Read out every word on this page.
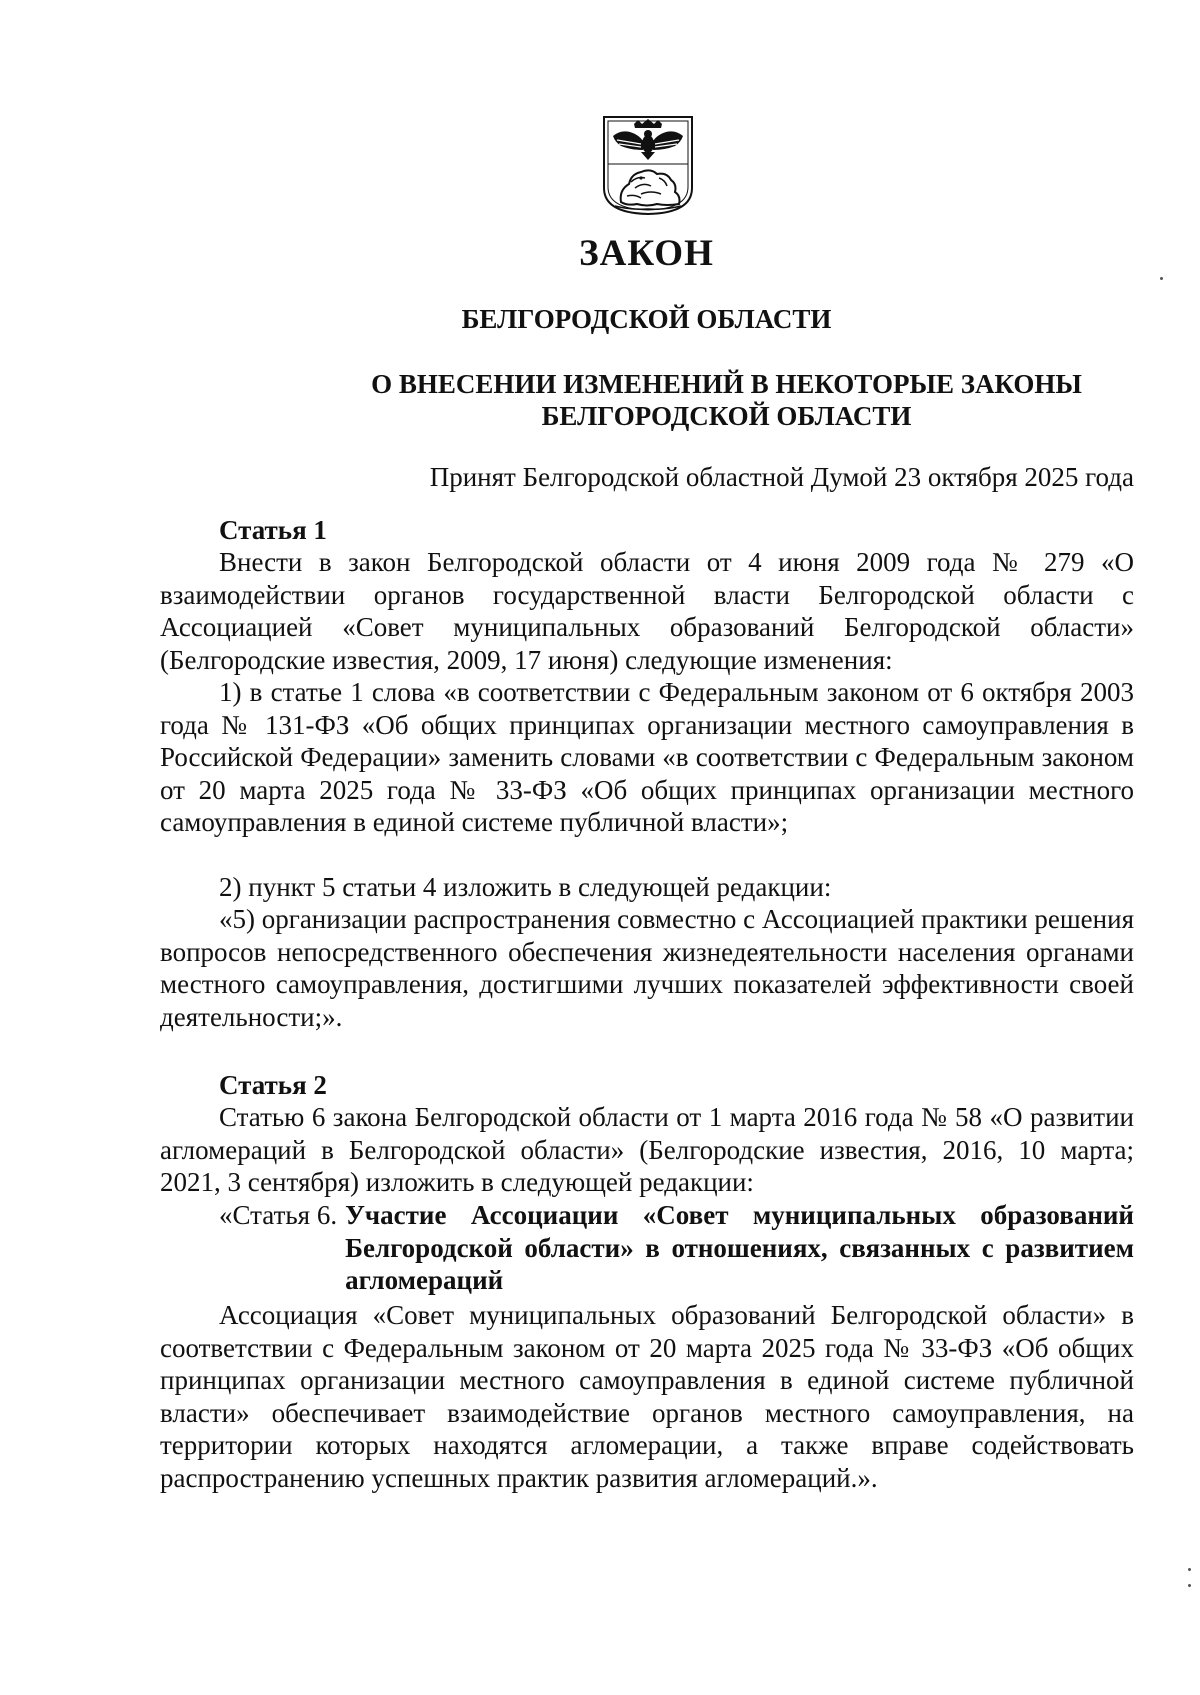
ЗАКОН

БЕЛГОРОДСКОЙ ОБЛАСТИ

О ВНЕСЕНИИ ИЗМЕНЕНИЙ В НЕКОТОРЫЕ ЗАКОНЫ
БЕЛГОРОДСКОЙ ОБЛАСТИ

Принят Белгородской областной Думой 23 октября 2025 года

Статья 1

Внести в закон Белгородской области от 4 июня 2009 года № 279 «О взаимодействии органов государственной власти Белгородской области с Ассоциацией «Совет муниципальных образований Белгородской области» (Белгородские известия, 2009, 17 июня) следующие изменения:

1) в статье 1 слова «в соответствии с Федеральным законом от 6 октября 2003 года № 131-ФЗ «Об общих принципах организации местного самоуправления в Российской Федерации» заменить словами «в соответствии с Федеральным законом от 20 марта 2025 года № 33-ФЗ «Об общих принципах организации местного самоуправления в единой системе публичной власти»;

2) пункт 5 статьи 4 изложить в следующей редакции:

«5) организации распространения совместно с Ассоциацией практики решения вопросов непосредственного обеспечения жизнедеятельности населения органами местного самоуправления, достигшими лучших показателей эффективности своей деятельности;».

Статья 2

Статью 6 закона Белгородской области от 1 марта 2016 года № 58 «О развитии агломераций в Белгородской области» (Белгородские известия, 2016, 10 марта; 2021, 3 сентября) изложить в следующей редакции:

«Статья 6. Участие Ассоциации «Совет муниципальных образований Белгородской области» в отношениях, связанных с развитием агломераций

Ассоциация «Совет муниципальных образований Белгородской области» в соответствии с Федеральным законом от 20 марта 2025 года № 33-ФЗ «Об общих принципах организации местного самоуправления в единой системе публичной власти» обеспечивает взаимодействие органов местного самоуправления, на территории которых находятся агломерации, а также вправе содействовать распространению успешных практик развития агломераций.».
